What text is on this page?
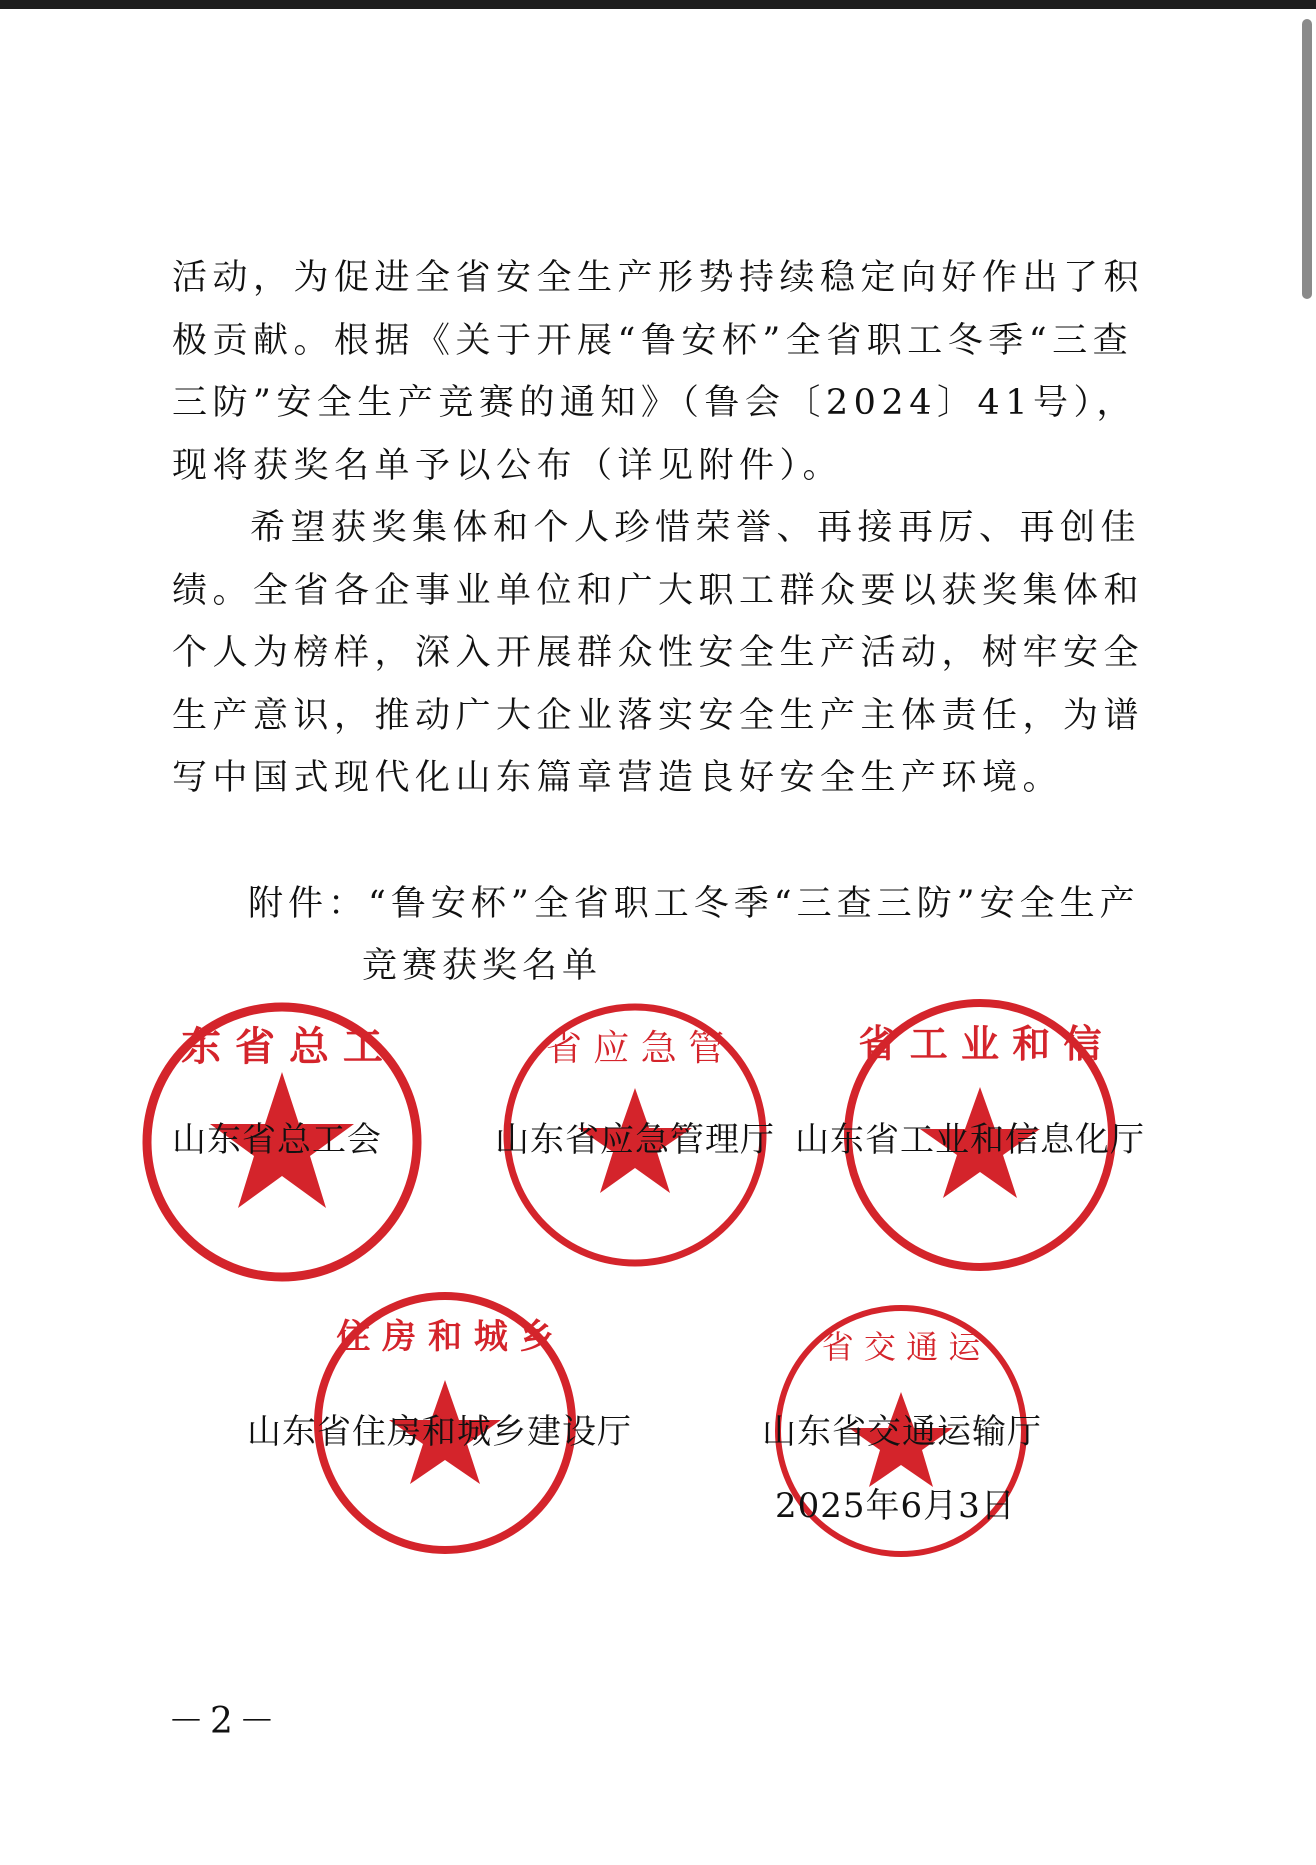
活动，为促进全省安全生产形势持续稳定向好作出了积极贡献。根据《关于开展“鲁安杯”全省职工冬季“三查三防”安全生产竞赛的通知》（鲁会〔2024〕41号），现将获奖名单予以公布（详见附件）。

希望获奖集体和个人珍惜荣誉、再接再厉、再创佳绩。全省各企事业单位和广大职工群众要以获奖集体和个人为榜样，深入开展群众性安全生产活动，树牢安全生产意识，推动广大企业落实安全生产主体责任，为谱写中国式现代化山东篇章营造良好安全生产环境。

附件：“鲁安杯”全省职工冬季“三查三防”安全生产
竞赛获奖名单
东 省 总 工	省 应 急 管	省 工 业 和 信
住 房 和 城 乡	省 交 通 运
山东省总工会	山东省应急管理厅 山东省工业和信息化厅
山东省住房和城乡建设厅	山东省交通运输厅
2025年6月3日
－2－
